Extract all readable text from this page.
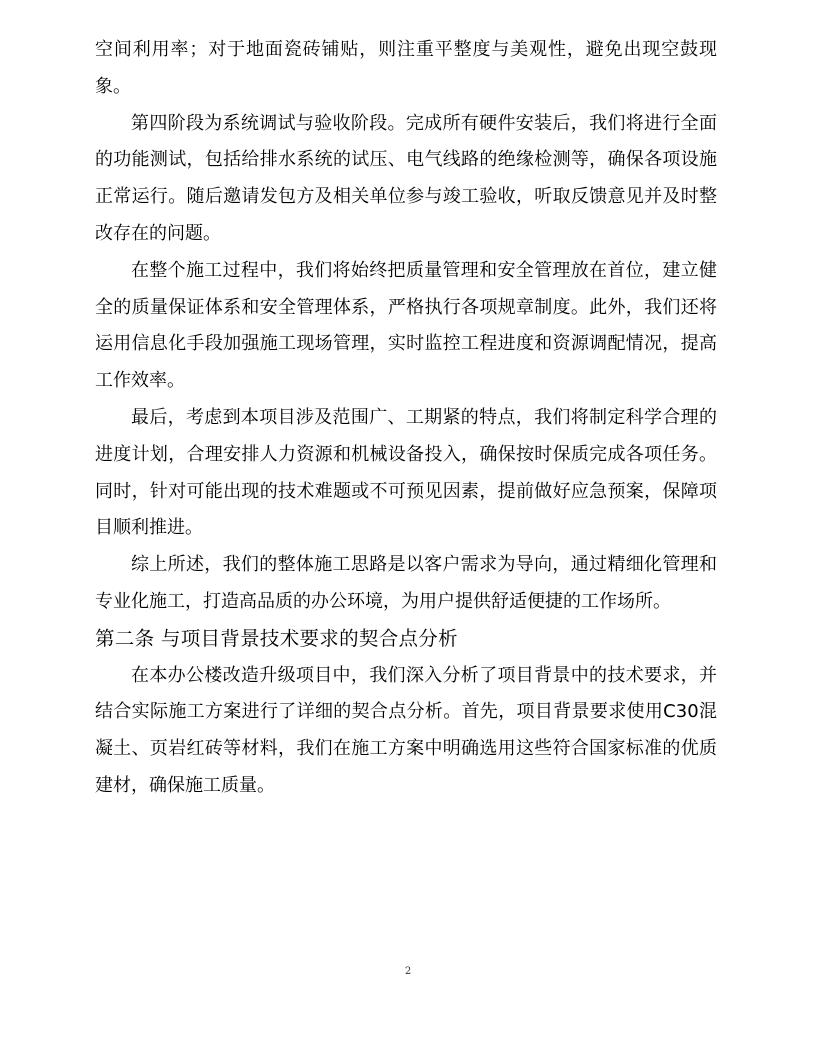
空间利用率；对于地面瓷砖铺贴，则注重平整度与美观性，避免出现空鼓现象。

第四阶段为系统调试与验收阶段。完成所有硬件安装后，我们将进行全面的功能测试，包括给排水系统的试压、电气线路的绝缘检测等，确保各项设施正常运行。随后邀请发包方及相关单位参与竣工验收，听取反馈意见并及时整改存在的问题。

在整个施工过程中，我们将始终把质量管理和安全管理放在首位，建立健全的质量保证体系和安全管理体系，严格执行各项规章制度。此外，我们还将运用信息化手段加强施工现场管理，实时监控工程进度和资源调配情况，提高工作效率。

最后，考虑到本项目涉及范围广、工期紧的特点，我们将制定科学合理的进度计划，合理安排人力资源和机械设备投入，确保按时保质完成各项任务。同时，针对可能出现的技术难题或不可预见因素，提前做好应急预案，保障项目顺利推进。

综上所述，我们的整体施工思路是以客户需求为导向，通过精细化管理和专业化施工，打造高品质的办公环境，为用户提供舒适便捷的工作场所。

第二条 与项目背景技术要求的契合点分析

在本办公楼改造升级项目中，我们深入分析了项目背景中的技术要求，并结合实际施工方案进行了详细的契合点分析。首先，项目背景要求使用C30混凝土、页岩红砖等材料，我们在施工方案中明确选用这些符合国家标准的优质建材，确保施工质量。

2
